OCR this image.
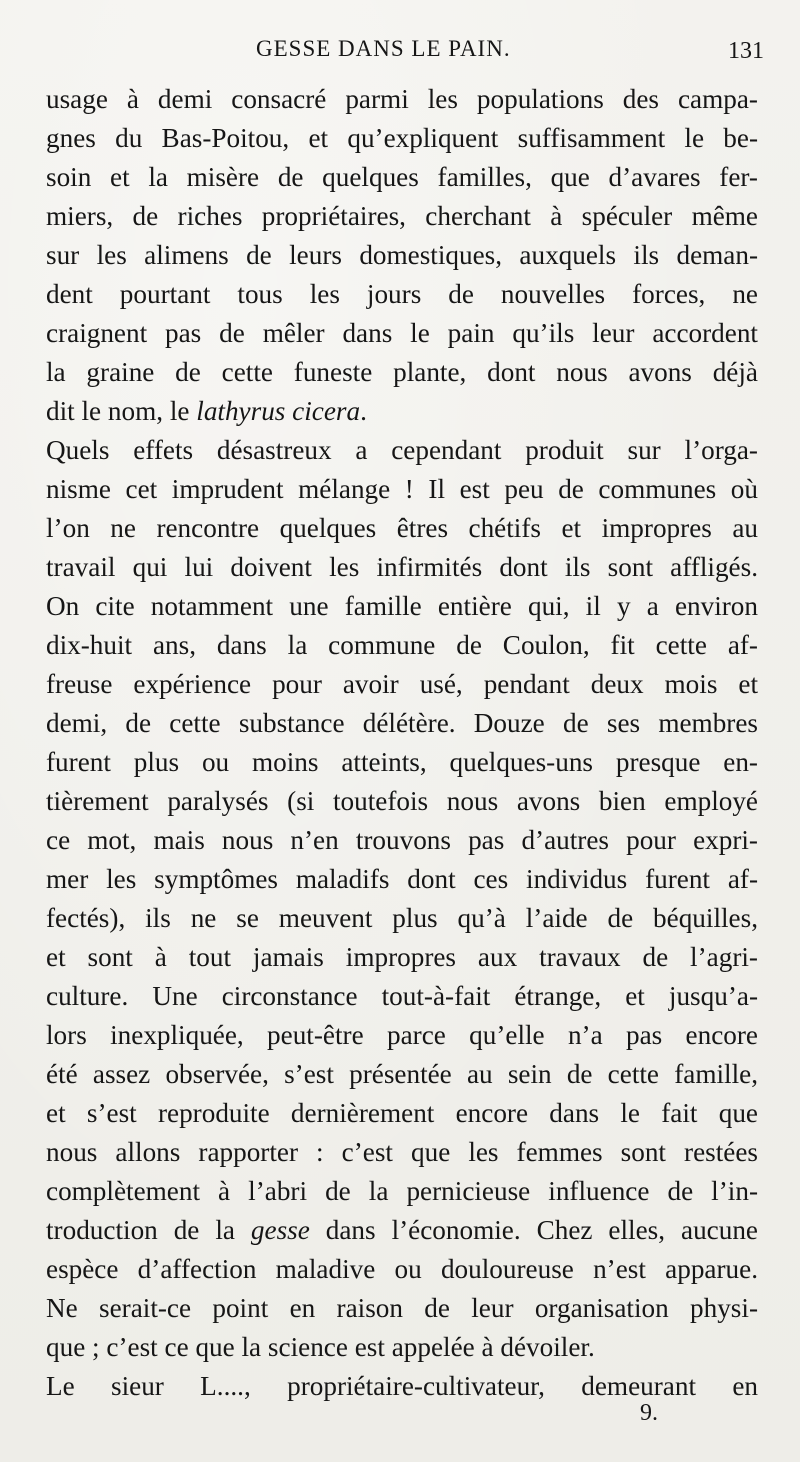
GESSE DANS LE PAIN.	131
usage à demi consacré parmi les populations des campa-
gnes du Bas-Poitou, et qu’expliquent suffisamment le be-
soin et la misère de quelques familles, que d’avares fer-
miers, de riches propriétaires, cherchant à spéculer même
sur les alimens de leurs domestiques, auxquels ils deman-
dent pourtant tous les jours de nouvelles forces, ne
craignent pas de mêler dans le pain qu’ils leur accordent
la graine de cette funeste plante, dont nous avons déjà
dit le nom, le lathyrus cicera.
Quels effets désastreux a cependant produit sur l’orga-
nisme cet imprudent mélange ! Il est peu de communes où
l’on ne rencontre quelques êtres chétifs et impropres au
travail qui lui doivent les infirmités dont ils sont affligés.
On cite notamment une famille entière qui, il y a environ
dix-huit ans, dans la commune de Coulon, fit cette af-
freuse expérience pour avoir usé, pendant deux mois et
demi, de cette substance délétère. Douze de ses membres
furent plus ou moins atteints, quelques-uns presque en-
tièrement paralysés (si toutefois nous avons bien employé
ce mot, mais nous n’en trouvons pas d’autres pour expri-
mer les symptômes maladifs dont ces individus furent af-
fectés), ils ne se meuvent plus qu’à l’aide de béquilles,
et sont à tout jamais impropres aux travaux de l’agri-
culture. Une circonstance tout-à-fait étrange, et jusqu’a-
lors inexpliquée, peut-être parce qu’elle n’a pas encore
été assez observée, s’est présentée au sein de cette famille,
et s’est reproduite dernièrement encore dans le fait que
nous allons rapporter : c’est que les femmes sont restées
complètement à l’abri de la pernicieuse influence de l’in-
troduction de la gesse dans l’économie. Chez elles, aucune
espèce d’affection maladive ou douloureuse n’est apparue.
Ne serait-ce point en raison de leur organisation physi-
que ; c’est ce que la science est appelée à dévoiler.
Le sieur L...., propriétaire-cultivateur, demeurant en
9.
